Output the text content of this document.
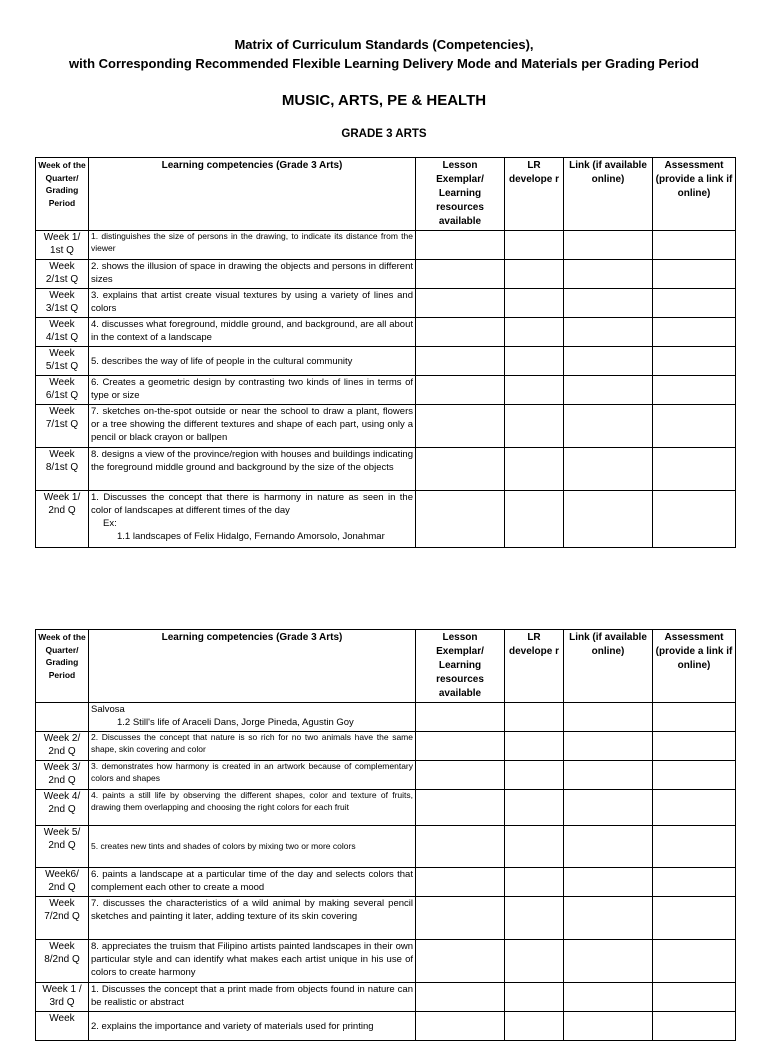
Matrix of Curriculum Standards (Competencies),
with Corresponding Recommended Flexible Learning Delivery Mode and Materials per Grading Period
MUSIC, ARTS, PE & HEALTH
GRADE 3 ARTS
Week of the Quarter/ Grading Period	Learning competencies (Grade 3 Arts)	Lesson Exemplar/ Learning resources available	LR develope r	Link (if available online)	Assessment (provide a link if online)
Week 1/ 1st Q	1. distinguishes the size of persons in the drawing, to indicate its distance from the viewer				
Week 2/1st Q	2. shows the illusion of space in drawing the objects and persons in different sizes				
Week 3/1st Q	3. explains that artist create visual textures by using a variety of lines and colors				
Week 4/1st Q	4. discusses what foreground, middle ground, and background, are all about in the context of a landscape				
Week 5/1st Q	5. describes the way of life of people in the cultural community				
Week 6/1st Q	6. Creates a geometric design by contrasting two kinds of lines in terms of type or size				
Week 7/1st Q	7. sketches on-the-spot outside or near the school to draw a plant, flowers or a tree showing the different textures and shape of each part, using only a pencil or black crayon or ballpen				
Week 8/1st Q	8. designs a view of the province/region with houses and buildings indicating the foreground middle ground and background by the size of the objects				
Week 1/ 2nd Q	1. Discusses the concept that there is harmony in nature as seen in the color of landscapes at different times of the day
Ex:
1.1 landscapes of Felix Hidalgo, Fernando Amorsolo, Jonahmar				

Week of the Quarter/ Grading Period	Learning competencies (Grade 3 Arts)	Lesson Exemplar/ Learning resources available	LR develope r	Link (if available online)	Assessment (provide a link if online)

	Salvosa
1.2 Still's life of Araceli Dans, Jorge Pineda, Agustin Goy				

Week 2/ 2nd Q	2. Discusses the concept that nature is so rich for no two animals have the same shape, skin covering and color				
Week 3/ 2nd Q	3. demonstrates how harmony is created in an artwork because of complementary colors and shapes				
Week 4/ 2nd Q	4. paints a still life by observing the different shapes, color and texture of fruits, drawing them overlapping and choosing the right colors for each fruit				
Week 5/ 2nd Q	5. creates new tints and shades of colors by mixing two or more colors				
Week6/ 2nd Q	6. paints a landscape at a particular time of the day and selects colors that complement each other to create a mood				
Week 7/2nd Q	7. discusses the characteristics of a wild animal by making several pencil sketches and painting it later, adding texture of its skin covering				
Week 8/2nd Q	8. appreciates the truism that Filipino artists painted landscapes in their own particular style and can identify what makes each artist unique in his use of colors to create harmony				
Week 1 / 3rd Q	1. Discusses the concept that a print made from objects found in nature can be realistic or abstract				
Week	2. explains the importance and variety of materials used for printing				
